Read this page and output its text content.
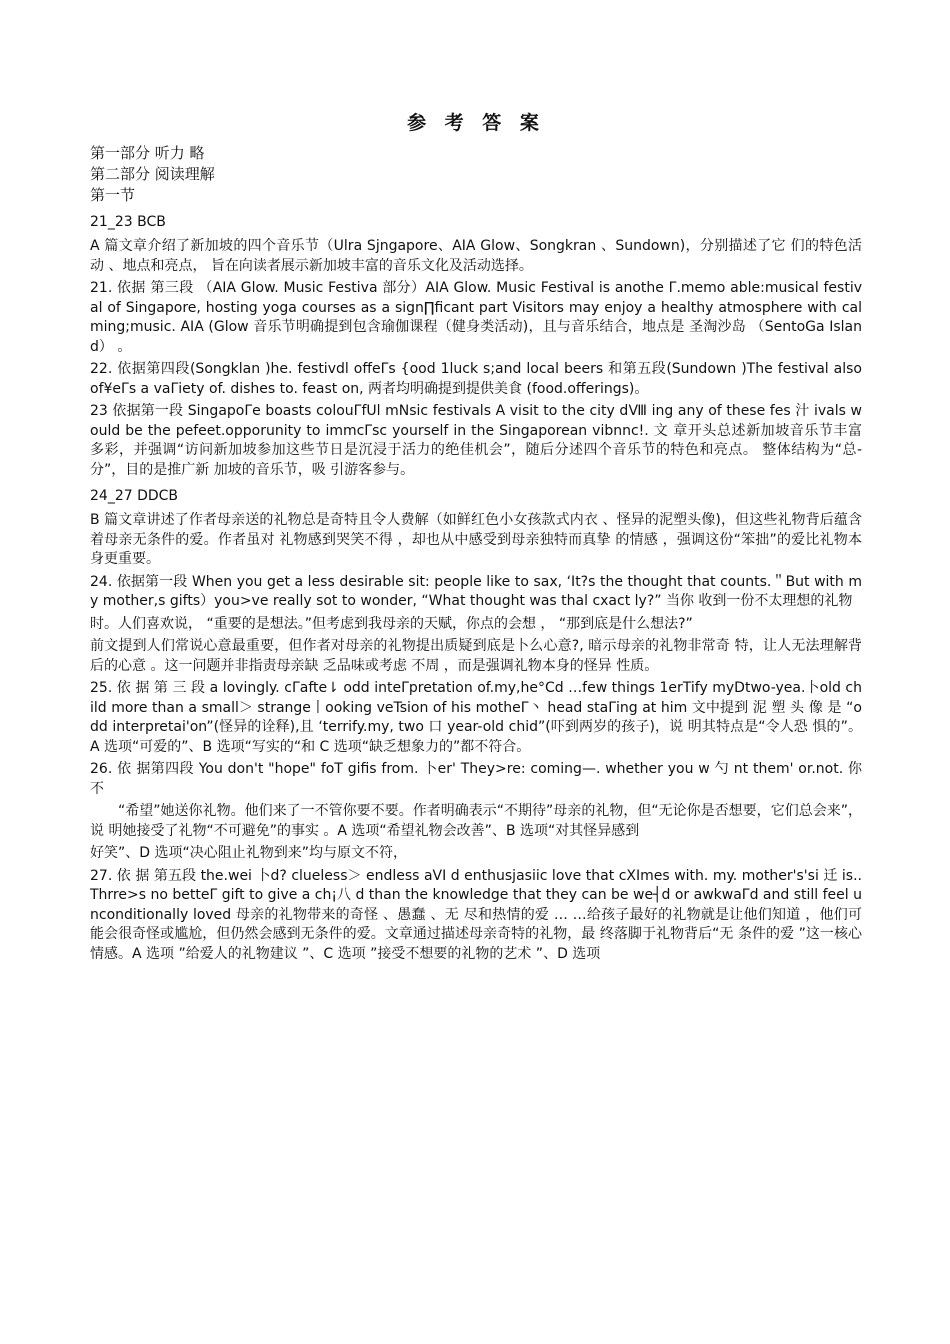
参 考 答 案
第一部分 听力 略
第二部分 阅读理解
第一节
21_23 BCB

A 篇文章介绍了新加坡的四个音乐节（Ulra Sjngapore、AIA Glow、Songkran 、Sundown)，分别描述了它 们的特色活动 、地点和亮点， 旨在向读者展示新加坡丰富的音乐文化及活动选择。

21. 依据 第三段 （AIA Glow. Music Festiva 部分）AIA Glow. Music Festival is anothe Γ.memo able:musical festival of Singapore, hosting yoga courses as a sign∏ficant part Visitors may enjoy a healthy atmosphere with calming;music. AIA (Glow 音乐节明确提到包含瑜伽课程（健身类活动)，且与音乐结合，地点是 圣淘沙岛 （SentoGa Island） 。

22. 依据第四段(Songklan )he. festivdl offeΓs {ood 1luck s;and local beers 和第五段(Sundown )The festival also of¥eΓs a vaΓiety of. dishes to. feast on, 两者均明确提到提供美食 (food.offerings)。

23 依据第一段 SingapoΓe boasts colouΓfUl mNsic festivals A visit to the city dⅧ ing any of these fes 汁 ivals would be the pefeet.opporunity to immcΓsc yourself in the Singaporean vibnnc!. 文 章开头总述新加坡音乐节丰富 多彩，并强调“访问新加坡参加这些节日是沉浸于活力的绝佳机会”，随后分述四个音乐节的特色和亮点。 整体结构为“总-分”，目的是推广新 加坡的音乐节，吸 引游客参与。

24_27 DDCB

B 篇文章讲述了作者母亲送的礼物总是奇特且令人费解（如鲜红色小女孩款式内衣 、怪异的泥塑头像)，但这些礼物背后蕴含着母亲无条件的爱。作者虽对 礼物感到哭笑不得 ，却也从中感受到母亲独特而真挚 的情感 ，强调这份“笨拙”的爱比礼物本身更重要。

24. 依据第一段 When you get a less desirable sit: people like to sax, ‘It?s the thought that counts.＂But with my mother,s gifts）you>ve really sot to wonder, “What thought was thal cxact ly?” 当你 收到一份不太理想的礼物

时。人们喜欢说， “重要的是想法。”但考虑到我母亲的天赋，你点的会想 ， “那到底是什么想法?”

前文提到人们常说心意最重要，但作者对母亲的礼物提出质疑到底是卜么心意?, 暗示母亲的礼物非常奇 特，让人无法理解背后的心意 。这一问题并非指责母亲缺 乏品味或考虑 不周 ，而是强调礼物本身的怪异 性质。

25. 依 据 第 三 段 a lovingly. cΓafte⇂ odd inteΓpretation of.my,he°Cd …few things 1erTify myDtwo-yea.卜old child more than a small＞ strange丨ooking veTsion of his motheΓ丶 head staΓing at him 文中提到 泥 塑 头 像 是 “odd interpretai'on”(怪异的诠释),且 ‘terrify.my, two 口 year-old chid”(吓到两岁的孩子)，说 明其特点是“令人恐 惧的”。A 选项“可爱的”、B 选项“写实的“和 C 选项“缺乏想象力的”都不符合。

26. 依 据第四段 You don't "hope" foT gifis from. 卜er' They>re: coming—. whether you w 勺 nt them' or.not. 你 不

“希望”她送你礼物。他们来了一不管你要不要。作者明确表示“不期待”母亲的礼物，但“无论你是否想要，它们总会来”，说 明她接受了礼物“不可避免”的事实 。A 选项“希望礼物会改善”、B 选项“对其怪异感到

好笑”、D 选项“决心阻止礼物到来”均与原文不符，

27. 依 据 第五段 the.wei 卜d? clueless＞ endless aVI d enthusjasiic love that cXImes with. my. mother's'si 迁 is..Thrre>s no betteΓ gift to give a ch¡八 d than the knowledge that they can be we┤d or awkwaΓd and still feel unconditionally loved 母亲的礼物带来的奇怪 、愚蠢 、无 尽和热情的爱 … …给孩子最好的礼物就是让他们知道 ，他们可 能会很奇怪或尴尬，但仍然会感到无条件的爱。文章通过描述母亲奇特的礼物，最 终落脚于礼物背后“无 条件的爱 ”这一核心情感。A 选项 ”给爱人的礼物建议 ”、C 选项 ”接受不想要的礼物的艺术 ”、D 选项
